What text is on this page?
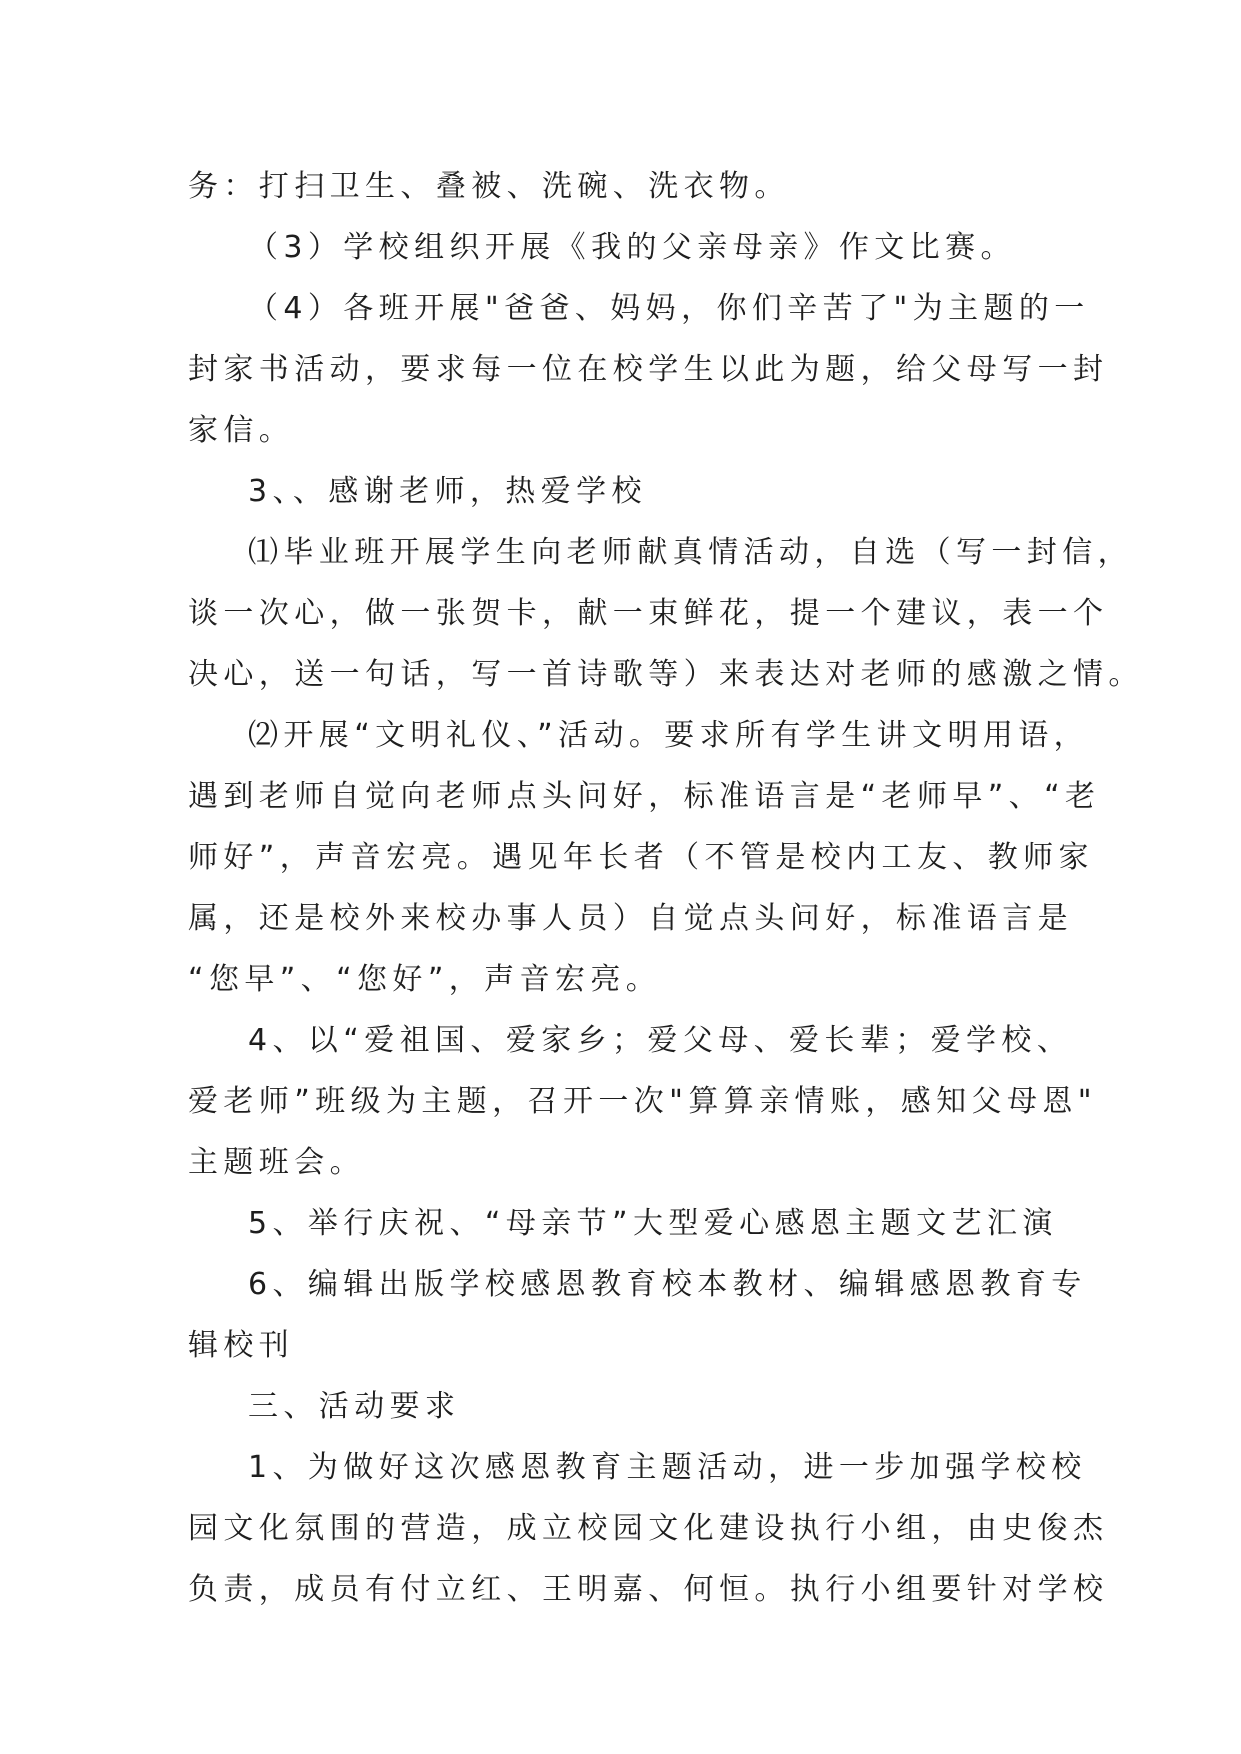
务：打扫卫生、叠被、洗碗、洗衣物。
（3）学校组织开展《我的父亲母亲》作文比赛。
（4）各班开展"爸爸、妈妈，你们辛苦了"为主题的一
封家书活动，要求每一位在校学生以此为题，给父母写一封
家信。
3、、感谢老师，热爱学校
⑴毕业班开展学生向老师献真情活动，自选（写一封信，
谈一次心，做一张贺卡，献一束鲜花，提一个建议，表一个
决心，送一句话，写一首诗歌等）来表达对老师的感激之情。
⑵开展“文明礼仪、”活动。要求所有学生讲文明用语，
遇到老师自觉向老师点头问好，标准语言是“老师早”、“老
师好”，声音宏亮。遇见年长者（不管是校内工友、教师家
属，还是校外来校办事人员）自觉点头问好，标准语言是
“您早”、“您好”，声音宏亮。
4、以“爱祖国、爱家乡；爱父母、爱长辈；爱学校、
爱老师”班级为主题，召开一次"算算亲情账，感知父母恩"
主题班会。
5、举行庆祝、“母亲节”大型爱心感恩主题文艺汇演
6、编辑出版学校感恩教育校本教材、编辑感恩教育专
辑校刊
三、活动要求
1、为做好这次感恩教育主题活动，进一步加强学校校
园文化氛围的营造，成立校园文化建设执行小组，由史俊杰
负责，成员有付立红、王明嘉、何恒。执行小组要针对学校
